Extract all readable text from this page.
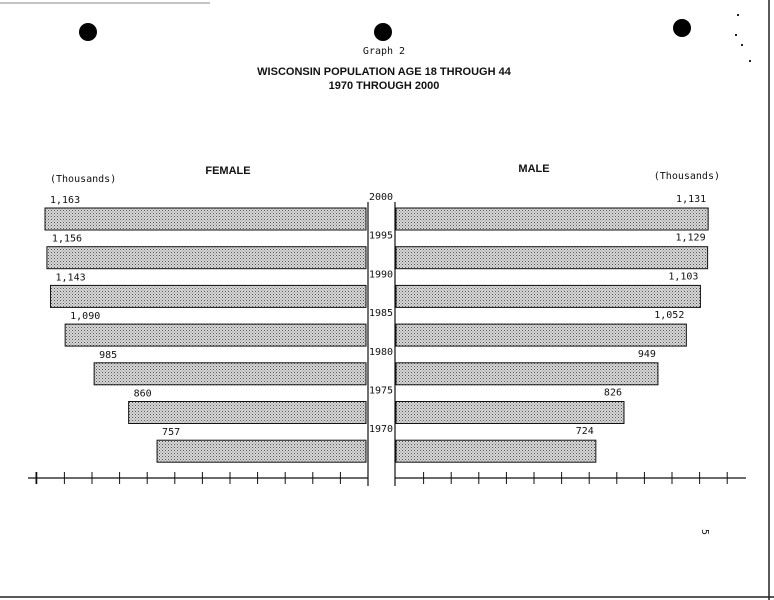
Graph 2
WISCONSIN POPULATION AGE 18 THROUGH 44
1970 THROUGH 2000
FEMALE	MALE
(Thousands)	(Thousands)
1,163	1,131
2000
1,156	1,129
1995
1,143	1,103
1990
1,090	1,052
1985
985	949
1980
860	826
1975
757	724
1970
5
